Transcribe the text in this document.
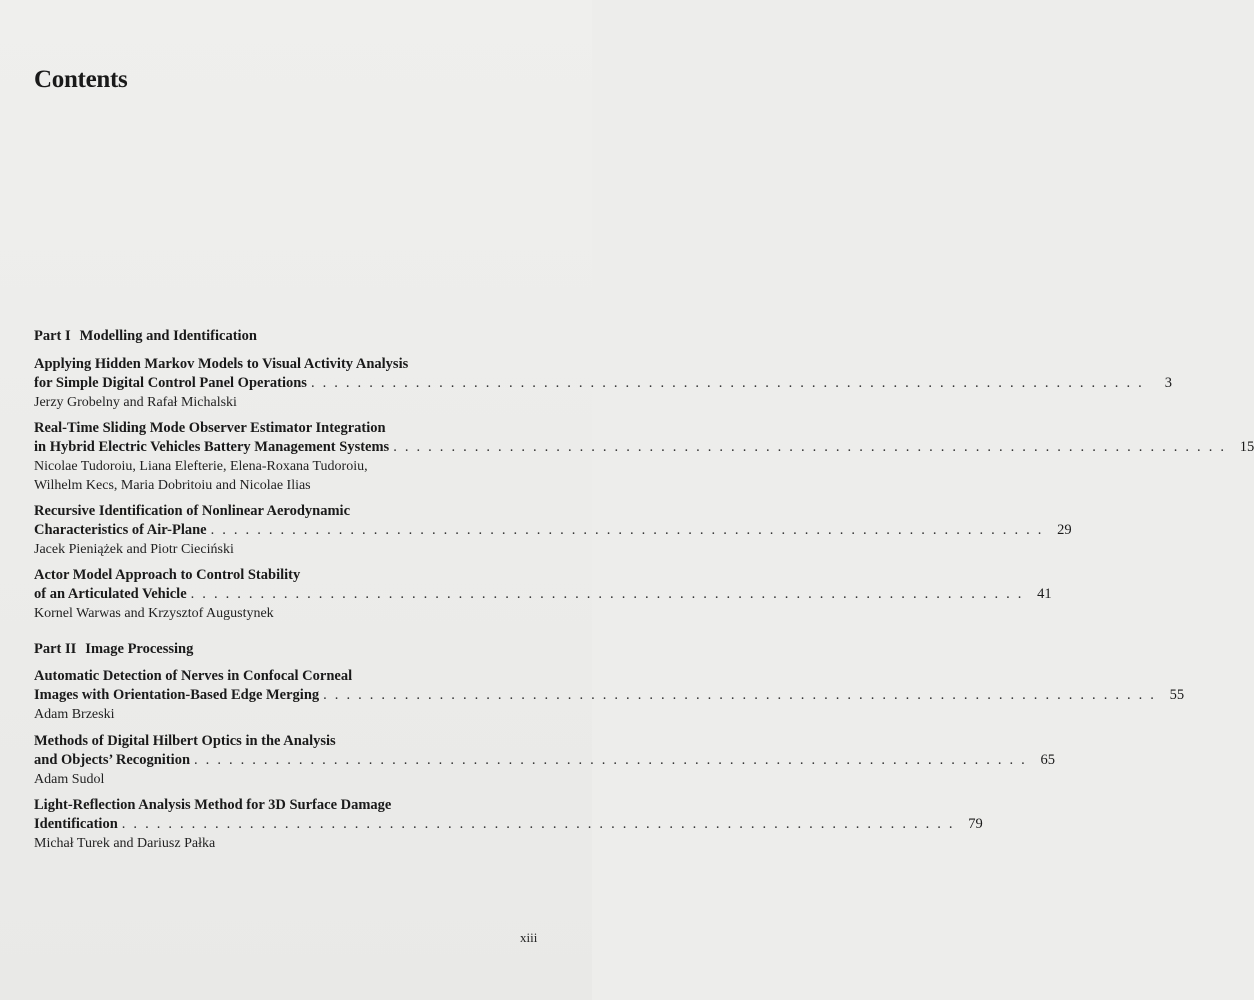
Contents
Part I Modelling and Identification
Applying Hidden Markov Models to Visual Activity Analysis
for Simple Digital Control Panel Operations . . . . . . . . . . . . . . . . . . . . . . . . . . . . . . . . . . . . . . . . . . . . . . . . . . . . . . . . . . . . . . . . . . . . . . . .	3
Jerzy Grobelny and Rafał Michalski
Real-Time Sliding Mode Observer Estimator Integration
in Hybrid Electric Vehicles Battery Management Systems . . . . . . . . . . . . . . . . . . . . . . . . . . . . . . . . . . . . . . . . . . . . . . . . . . . . . . . . . . . . . . . . . . . . . . . . 15
Nicolae Tudoroiu, Liana Elefterie, Elena-Roxana Tudoroiu,
Wilhelm Kecs, Maria Dobritoiu and Nicolae Ilias
Recursive Identification of Nonlinear Aerodynamic
Characteristics of Air-Plane . . . . . . . . . . . . . . . . . . . . . . . . . . . . . . . . . . . . . . . . . . . . . . . . . . . . . . . . . . . . . . . . . . . . . . . . 29
Jacek Pieniążek and Piotr Cieciński
Actor Model Approach to Control Stability
of an Articulated Vehicle . . . . . . . . . . . . . . . . . . . . . . . . . . . . . . . . . . . . . . . . . . . . . . . . . . . . . . . . . . . . . . . . . . . . . . . . 41
Kornel Warwas and Krzysztof Augustynek
Part II Image Processing
Automatic Detection of Nerves in Confocal Corneal
Images with Orientation-Based Edge Merging . . . . . . . . . . . . . . . . . . . . . . . . . . . . . . . . . . . . . . . . . . . . . . . . . . . . . . . . . . . . . . . . . . . . . . . . 55
Adam Brzeski
Methods of Digital Hilbert Optics in the Analysis
and Objects’ Recognition . . . . . . . . . . . . . . . . . . . . . . . . . . . . . . . . . . . . . . . . . . . . . . . . . . . . . . . . . . . . . . . . . . . . . . . . 65
Adam Sudol
Light-Reflection Analysis Method for 3D Surface Damage
Identification . . . . . . . . . . . . . . . . . . . . . . . . . . . . . . . . . . . . . . . . . . . . . . . . . . . . . . . . . . . . . . . . . . . . . . . . 79
Michał Turek and Dariusz Pałka
xiii
